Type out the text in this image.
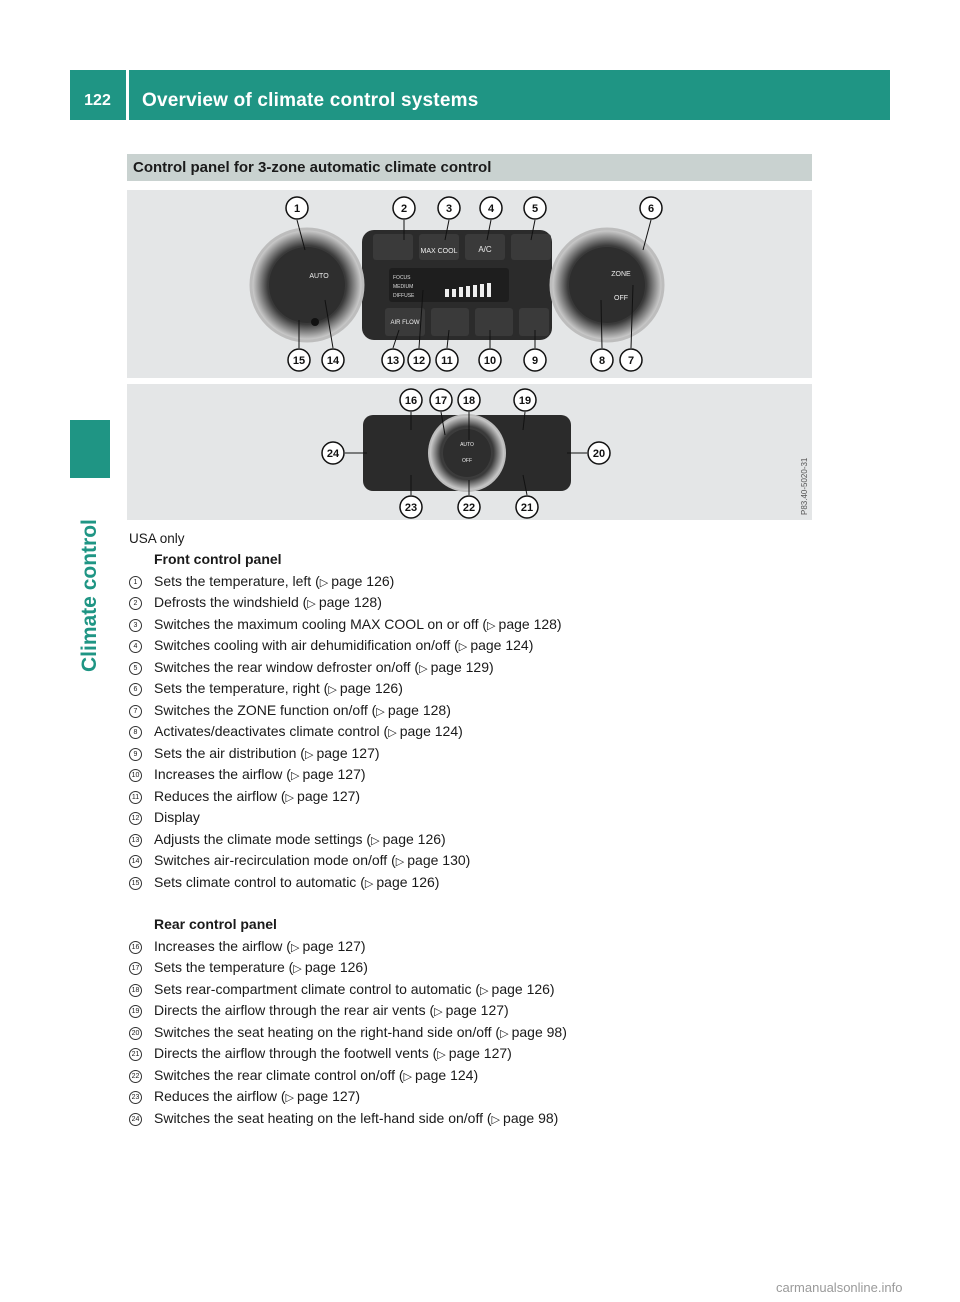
122	Overview of climate control systems
Climate control
Control panel for 3-zone automatic climate control
MAX COOL	A/C
FOCUS
MEDIUM
DIFFUSE
AIR FLOW
AUTO	ZONE
OFF
1	2	3	4	5	6
15 14	13 12 11	10	9	8 7
AUTO
OFF
16 17 18	19
24	20
23	22	21	P83.40-5020-31
USA only
Front control panel
1	Sets the temperature, left (▷ page 126)
2	Defrosts the windshield (▷ page 128)
3	Switches the maximum cooling MAX COOL on or off (▷ page 128)
4	Switches cooling with air dehumidification on/off (▷ page 124)
5	Switches the rear window defroster on/off (▷ page 129)
6	Sets the temperature, right (▷ page 126)
7	Switches the ZONE function on/off (▷ page 128)
8	Activates/deactivates climate control (▷ page 124)
9	Sets the air distribution (▷ page 127)
10 Increases the airflow (▷ page 127)
11 Reduces the airflow (▷ page 127)
12 Display
13 Adjusts the climate mode settings (▷ page 126)
14 Switches air-recirculation mode on/off (▷ page 130)
15 Sets climate control to automatic (▷ page 126)
Rear control panel
16 Increases the airflow (▷ page 127)
17 Sets the temperature (▷ page 126)
18 Sets rear-compartment climate control to automatic (▷ page 126)
19 Directs the airflow through the rear air vents (▷ page 127)
20 Switches the seat heating on the right-hand side on/off (▷ page 98)
21 Directs the airflow through the footwell vents (▷ page 127)
22 Switches the rear climate control on/off (▷ page 124)
23 Reduces the airflow (▷ page 127)
24 Switches the seat heating on the left-hand side on/off (▷ page 98)
carmanualsonline.info
